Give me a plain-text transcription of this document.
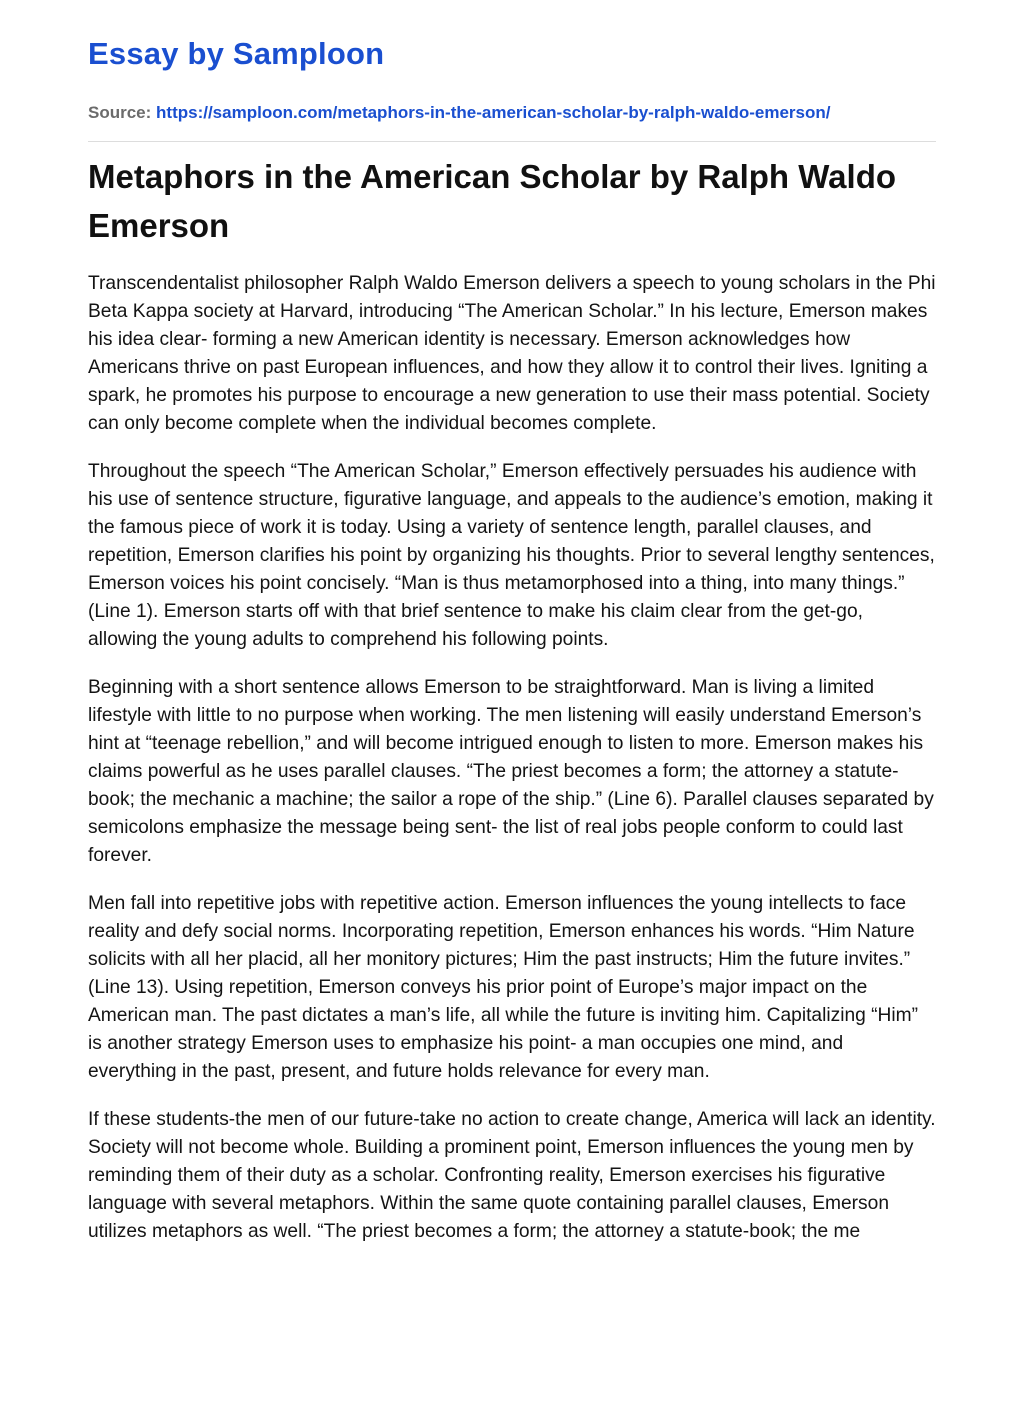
Essay by Samploon
Source: https://samploon.com/metaphors-in-the-american-scholar-by-ralph-waldo-emerson/
Metaphors in the American Scholar by Ralph Waldo Emerson

Transcendentalist philosopher Ralph Waldo Emerson delivers a speech to young scholars in the Phi Beta Kappa society at Harvard, introducing “The American Scholar.” In his lecture, Emerson makes his idea clear- forming a new American identity is necessary. Emerson acknowledges how Americans thrive on past European influences, and how they allow it to control their lives. Igniting a spark, he promotes his purpose to encourage a new generation to use their mass potential. Society can only become complete when the individual becomes complete.

Throughout the speech “The American Scholar,” Emerson effectively persuades his audience with his use of sentence structure, figurative language, and appeals to the audience’s emotion, making it the famous piece of work it is today. Using a variety of sentence length, parallel clauses, and repetition, Emerson clarifies his point by organizing his thoughts. Prior to several lengthy sentences, Emerson voices his point concisely. “Man is thus metamorphosed into a thing, into many things.” (Line 1). Emerson starts off with that brief sentence to make his claim clear from the get-go, allowing the young adults to comprehend his following points.

Beginning with a short sentence allows Emerson to be straightforward. Man is living a limited lifestyle with little to no purpose when working. The men listening will easily understand Emerson’s hint at “teenage rebellion,” and will become intrigued enough to listen to more. Emerson makes his claims powerful as he uses parallel clauses. “The priest becomes a form; the attorney a statute-book; the mechanic a machine; the sailor a rope of the ship.” (Line 6). Parallel clauses separated by semicolons emphasize the message being sent- the list of real jobs people conform to could last forever.

Men fall into repetitive jobs with repetitive action. Emerson influences the young intellects to face reality and defy social norms. Incorporating repetition, Emerson enhances his words. “Him Nature solicits with all her placid, all her monitory pictures; Him the past instructs; Him the future invites.” (Line 13). Using repetition, Emerson conveys his prior point of Europe’s major impact on the American man. The past dictates a man’s life, all while the future is inviting him. Capitalizing “Him” is another strategy Emerson uses to emphasize his point- a man occupies one mind, and everything in the past, present, and future holds relevance for every man.

If these students-the men of our future-take no action to create change, America will lack an identity. Society will not become whole. Building a prominent point, Emerson influences the young men by reminding them of their duty as a scholar. Confronting reality, Emerson exercises his figurative language with several metaphors. Within the same quote containing parallel clauses, Emerson utilizes metaphors as well. “The priest becomes a form; the attorney a statute-book; the me
